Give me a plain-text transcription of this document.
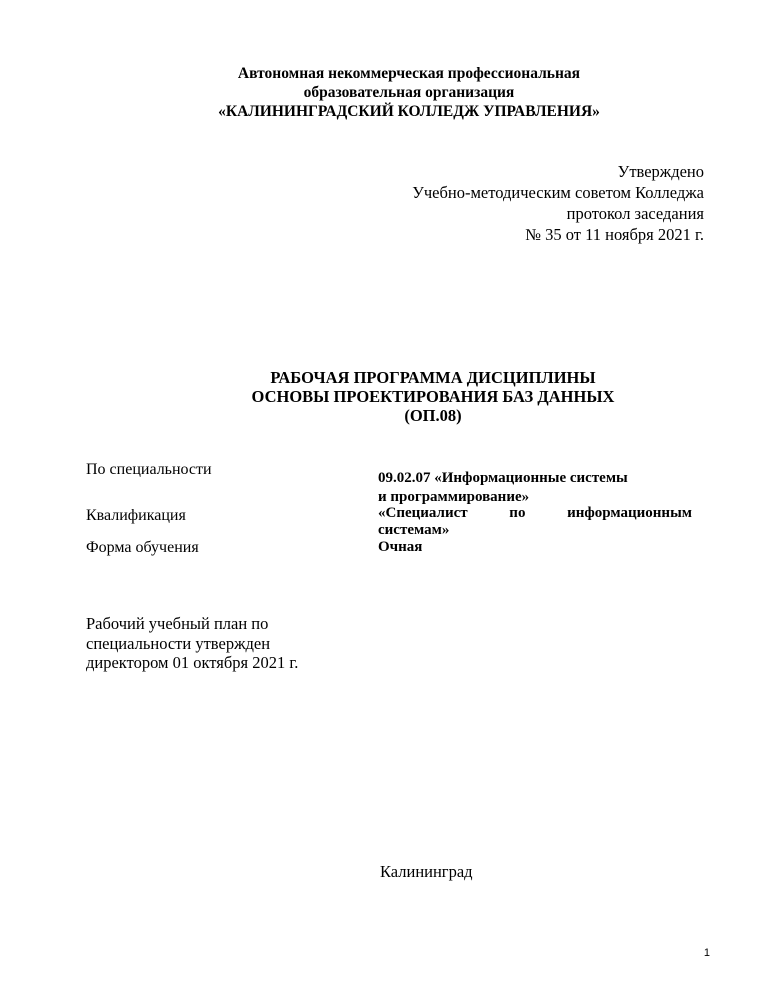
Автономная некоммерческая профессиональная
образовательная организация
«КАЛИНИНГРАДСКИЙ КОЛЛЕДЖ УПРАВЛЕНИЯ»
Утверждено
Учебно-методическим советом Колледжа
протокол заседания
№ 35 от 11 ноября 2021 г.
РАБОЧАЯ ПРОГРАММА ДИСЦИПЛИНЫ
ОСНОВЫ ПРОЕКТИРОВАНИЯ БАЗ ДАННЫХ
(ОП.08)
По специальности	09.02.07 «Информационные системы
и программирование»
Квалификация	«Специалист по информационным
системам»
Форма обучения	Очная
Рабочий учебный план по
специальности утвержден
директором 01 октября 2021 г.
Калининград
1
